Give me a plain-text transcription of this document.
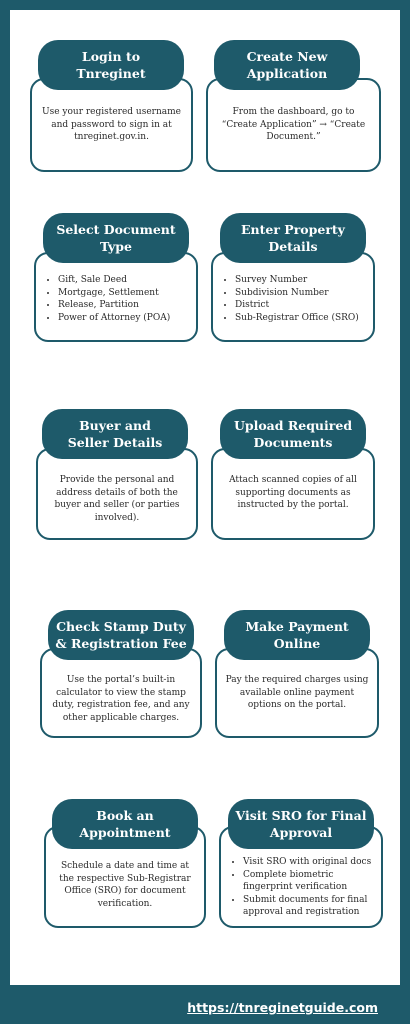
Use your registered username and password to sign in at tnreginet.gov.in.
Login to
Tnreginet
From the dashboard, go to “Create Application” → “Create Document.”
Create New
Application
• Gift, Sale Deed
• Mortgage, Settlement
• Release, Partition
• Power of Attorney (POA)
Select Document
Type
• Survey Number
• Subdivision Number
• District
• Sub-Registrar Office (SRO)
Enter Property
Details
Provide the personal and address details of both the buyer and seller (or parties involved).
Buyer and
Seller Details
Attach scanned copies of all supporting documents as instructed by the portal.
Upload Required
Documents
Use the portal’s built-in calculator to view the stamp duty, registration fee, and any other applicable charges.
Check Stamp Duty
& Registration Fee
Pay the required charges using available online payment options on the portal.
Make Payment
Online
Schedule a date and time at the respective Sub-Registrar Office (SRO) for document verification.
Book an
Appointment
• Visit SRO with original docs
• Complete biometric fingerprint verification
• Submit documents for final approval and registration
Visit SRO for Final
Approval
https://tnreginetguide.com
